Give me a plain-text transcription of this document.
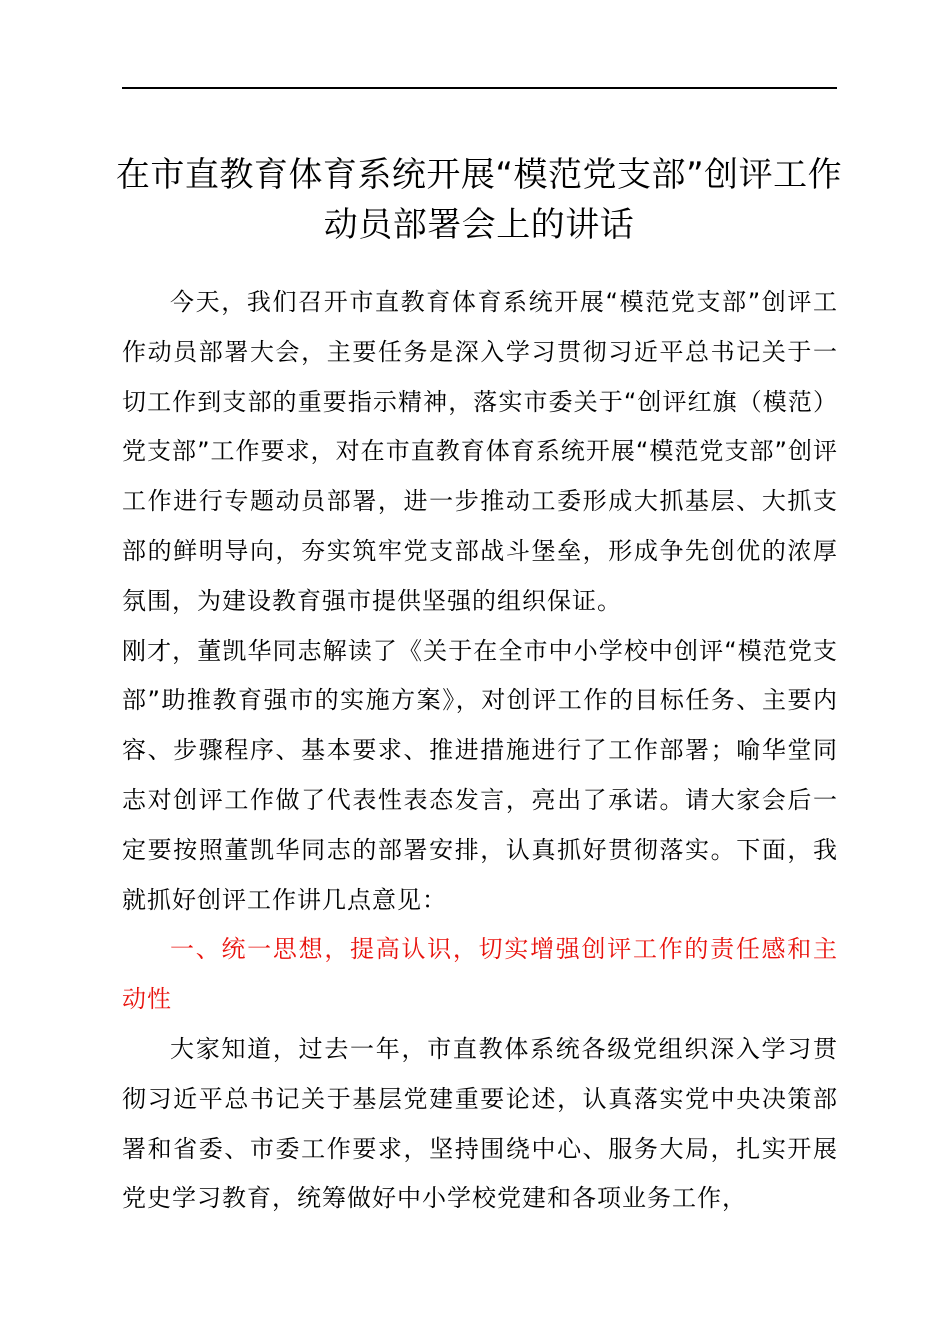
在市直教育体育系统开展“模范党支部”创评工作动员部署会上的讲话

今天，我们召开市直教育体育系统开展“模范党支部”创评工作动员部署大会，主要任务是深入学习贯彻习近平总书记关于一切工作到支部的重要指示精神，落实市委关于“创评红旗（模范）党支部”工作要求，对在市直教育体育系统开展“模范党支部”创评工作进行专题动员部署，进一步推动工委形成大抓基层、大抓支部的鲜明导向，夯实筑牢党支部战斗堡垒，形成争先创优的浓厚氛围，为建设教育强市提供坚强的组织保证。

刚才，董凯华同志解读了《关于在全市中小学校中创评“模范党支部”助推教育强市的实施方案》，对创评工作的目标任务、主要内容、步骤程序、基本要求、推进措施进行了工作部署；喻华堂同志对创评工作做了代表性表态发言，亮出了承诺。请大家会后一定要按照董凯华同志的部署安排，认真抓好贯彻落实。下面，我就抓好创评工作讲几点意见：

一、统一思想，提高认识，切实增强创评工作的责任感和主动性

大家知道，过去一年，市直教体系统各级党组织深入学习贯彻习近平总书记关于基层党建重要论述，认真落实党中央决策部署和省委、市委工作要求，坚持围绕中心、服务大局，扎实开展党史学习教育，统筹做好中小学校党建和各项业务工作，
